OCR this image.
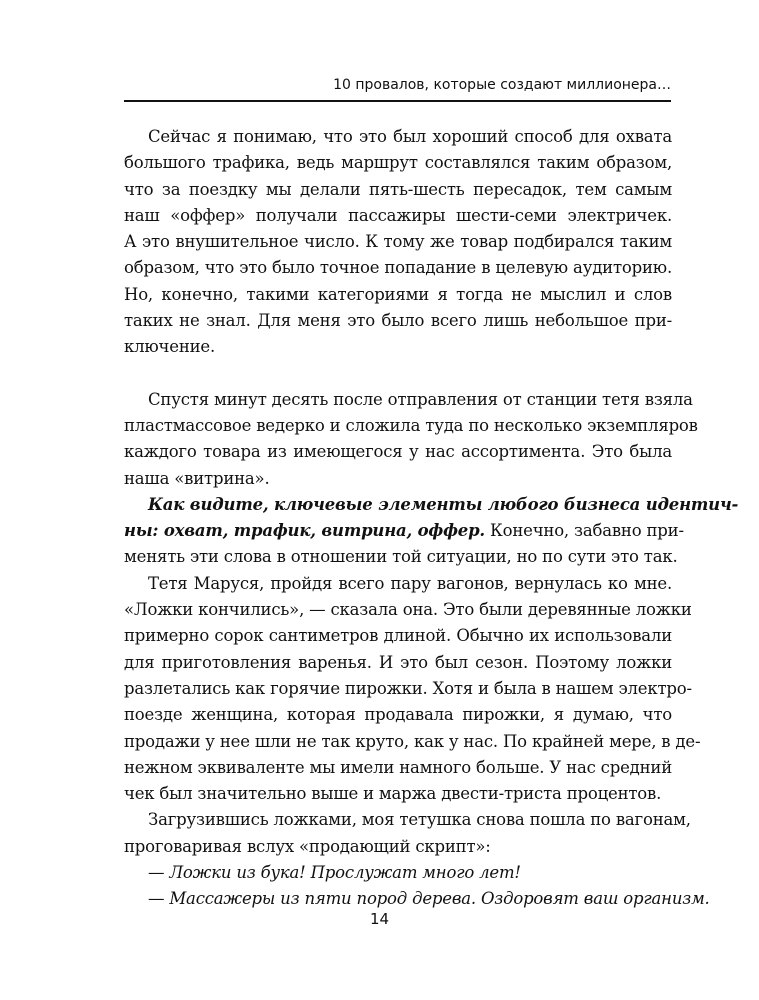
10 провалов, которые создают миллионера…

Сейчас я понимаю, что это был хороший способ для охвата
большого трафика, ведь маршрут составлялся таким образом,
что за поездку мы делали пять-шесть пересадок, тем самым
наш «оффер» получали пассажиры шести-семи электричек.
А это внушительное число. К тому же товар подбирался таким
образом, что это было точное попадание в целевую аудиторию.
Но, конечно, такими категориями я тогда не мыслил и слов
таких не знал. Для меня это было всего лишь небольшое при-
ключение.

Спустя минут десять после отправления от станции тетя взяла
пластмассовое ведерко и сложила туда по несколько экземпляров
каждого товара из имеющегося у нас ассортимента. Это была
наша «витрина».

Как видите, ключевые элементы любого бизнеса идентич-
ны: охват, трафик, витрина, оффер. Конечно, забавно при-
менять эти слова в отношении той ситуации, но по сути это так.

Тетя Маруся, пройдя всего пару вагонов, вернулась ко мне.
«Ложки кончились», — сказала она. Это были деревянные ложки
примерно сорок сантиметров длиной. Обычно их использовали
для приготовления варенья. И это был сезон. Поэтому ложки
разлетались как горячие пирожки. Хотя и была в нашем электро-
поезде женщина, которая продавала пирожки, я думаю, что
продажи у нее шли не так круто, как у нас. По крайней мере, в де-
нежном эквиваленте мы имели намного больше. У нас средний
чек был значительно выше и маржа двести-триста процентов.

Загрузившись ложками, моя тетушка снова пошла по вагонам,
проговаривая вслух «продающий скрипт»:

— Ложки из бука! Прослужат много лет!

— Массажеры из пяти пород дерева. Оздоровят ваш организм.

14
